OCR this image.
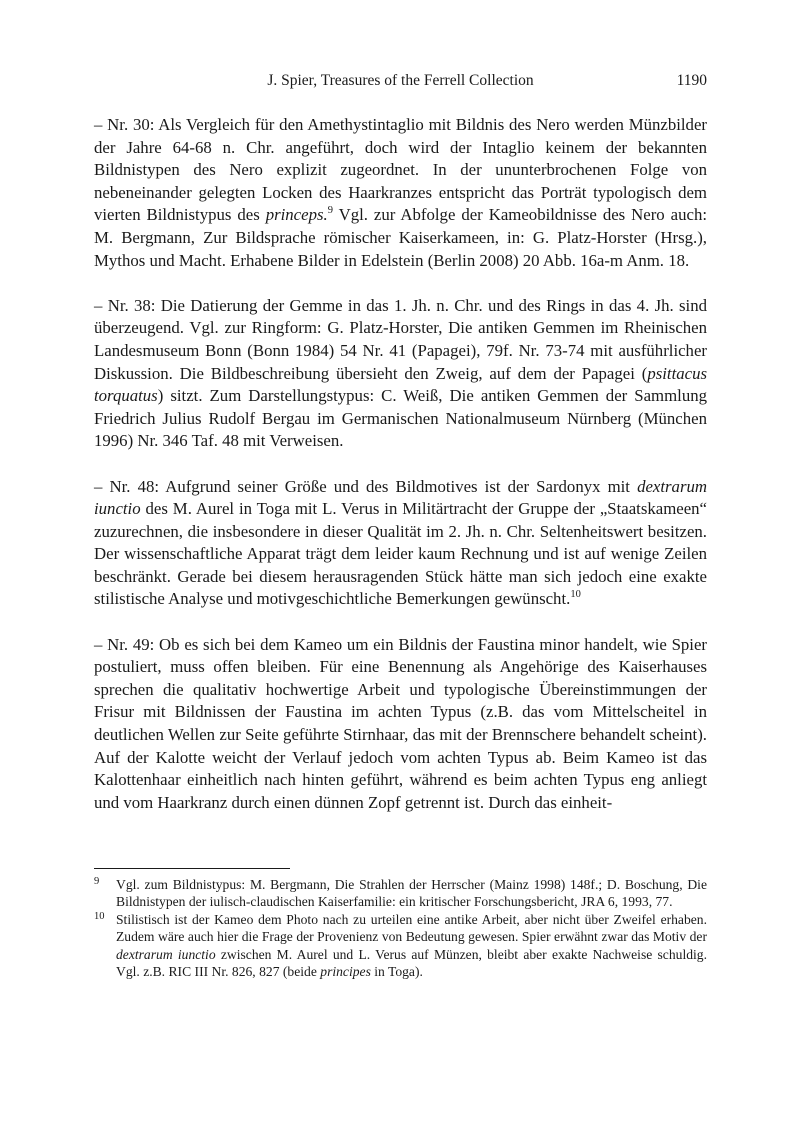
J. Spier, Treasures of the Ferrell Collection	1190

– Nr. 30: Als Vergleich für den Amethystintaglio mit Bildnis des Nero werden Münzbilder der Jahre 64-68 n. Chr. angeführt, doch wird der Intaglio keinem der bekannten Bildnistypen des Nero explizit zugeordnet. In der ununterbrochenen Folge von nebeneinander gelegten Locken des Haarkranzes entspricht das Porträt typologisch dem vierten Bildnistypus des princeps.$^9$ Vgl. zur Abfolge der Kameobildnisse des Nero auch: M. Bergmann, Zur Bildsprache römischer Kaiserkameen, in: G. Platz-Horster (Hrsg.), Mythos und Macht. Erhabene Bilder in Edelstein (Berlin 2008) 20 Abb. 16a-m Anm. 18.

– Nr. 38: Die Datierung der Gemme in das 1. Jh. n. Chr. und des Rings in das 4. Jh. sind überzeugend. Vgl. zur Ringform: G. Platz-Horster, Die antiken Gemmen im Rheinischen Landesmuseum Bonn (Bonn 1984) 54 Nr. 41 (Papagei), 79f. Nr. 73-74 mit ausführlicher Diskussion. Die Bildbeschreibung übersieht den Zweig, auf dem der Papagei (psittacus torquatus) sitzt. Zum Darstellungstypus: C. Weiß, Die antiken Gemmen der Sammlung Friedrich Julius Rudolf Bergau im Germanischen Nationalmuseum Nürnberg (München 1996) Nr. 346 Taf. 48 mit Verweisen.

– Nr. 48: Aufgrund seiner Größe und des Bildmotives ist der Sardonyx mit dextrarum iunctio des M. Aurel in Toga mit L. Verus in Militärtracht der Gruppe der „Staatskameen“ zuzurechnen, die insbesondere in dieser Qualität im 2. Jh. n. Chr. Seltenheitswert besitzen. Der wissenschaftliche Apparat trägt dem leider kaum Rechnung und ist auf wenige Zeilen beschränkt. Gerade bei diesem herausragenden Stück hätte man sich jedoch eine exakte stilistische Analyse und motivgeschichtliche Bemerkungen gewünscht.$^{10}$

– Nr. 49: Ob es sich bei dem Kameo um ein Bildnis der Faustina minor handelt, wie Spier postuliert, muss offen bleiben. Für eine Benennung als Angehörige des Kaiserhauses sprechen die qualitativ hochwertige Arbeit und typologische Übereinstimmungen der Frisur mit Bildnissen der Faustina im achten Typus (z.B. das vom Mittelscheitel in deutlichen Wellen zur Seite geführte Stirnhaar, das mit der Brennschere behandelt scheint). Auf der Kalotte weicht der Verlauf jedoch vom achten Typus ab. Beim Kameo ist das Kalottenhaar einheitlich nach hinten geführt, während es beim achten Typus eng anliegt und vom Haarkranz durch einen dünnen Zopf getrennt ist. Durch das einheit-

9 Vgl. zum Bildnistypus: M. Bergmann, Die Strahlen der Herrscher (Mainz 1998) 148f.; D. Boschung, Die Bildnistypen der iulisch-claudischen Kaiserfamilie: ein kritischer Forschungsbericht, JRA 6, 1993, 77.

10 Stilistisch ist der Kameo dem Photo nach zu urteilen eine antike Arbeit, aber nicht über Zweifel erhaben. Zudem wäre auch hier die Frage der Provenienz von Bedeutung gewesen. Spier erwähnt zwar das Motiv der dextrarum iunctio zwischen M. Aurel und L. Verus auf Münzen, bleibt aber exakte Nachweise schuldig. Vgl. z.B. RIC III Nr. 826, 827 (beide principes in Toga).
